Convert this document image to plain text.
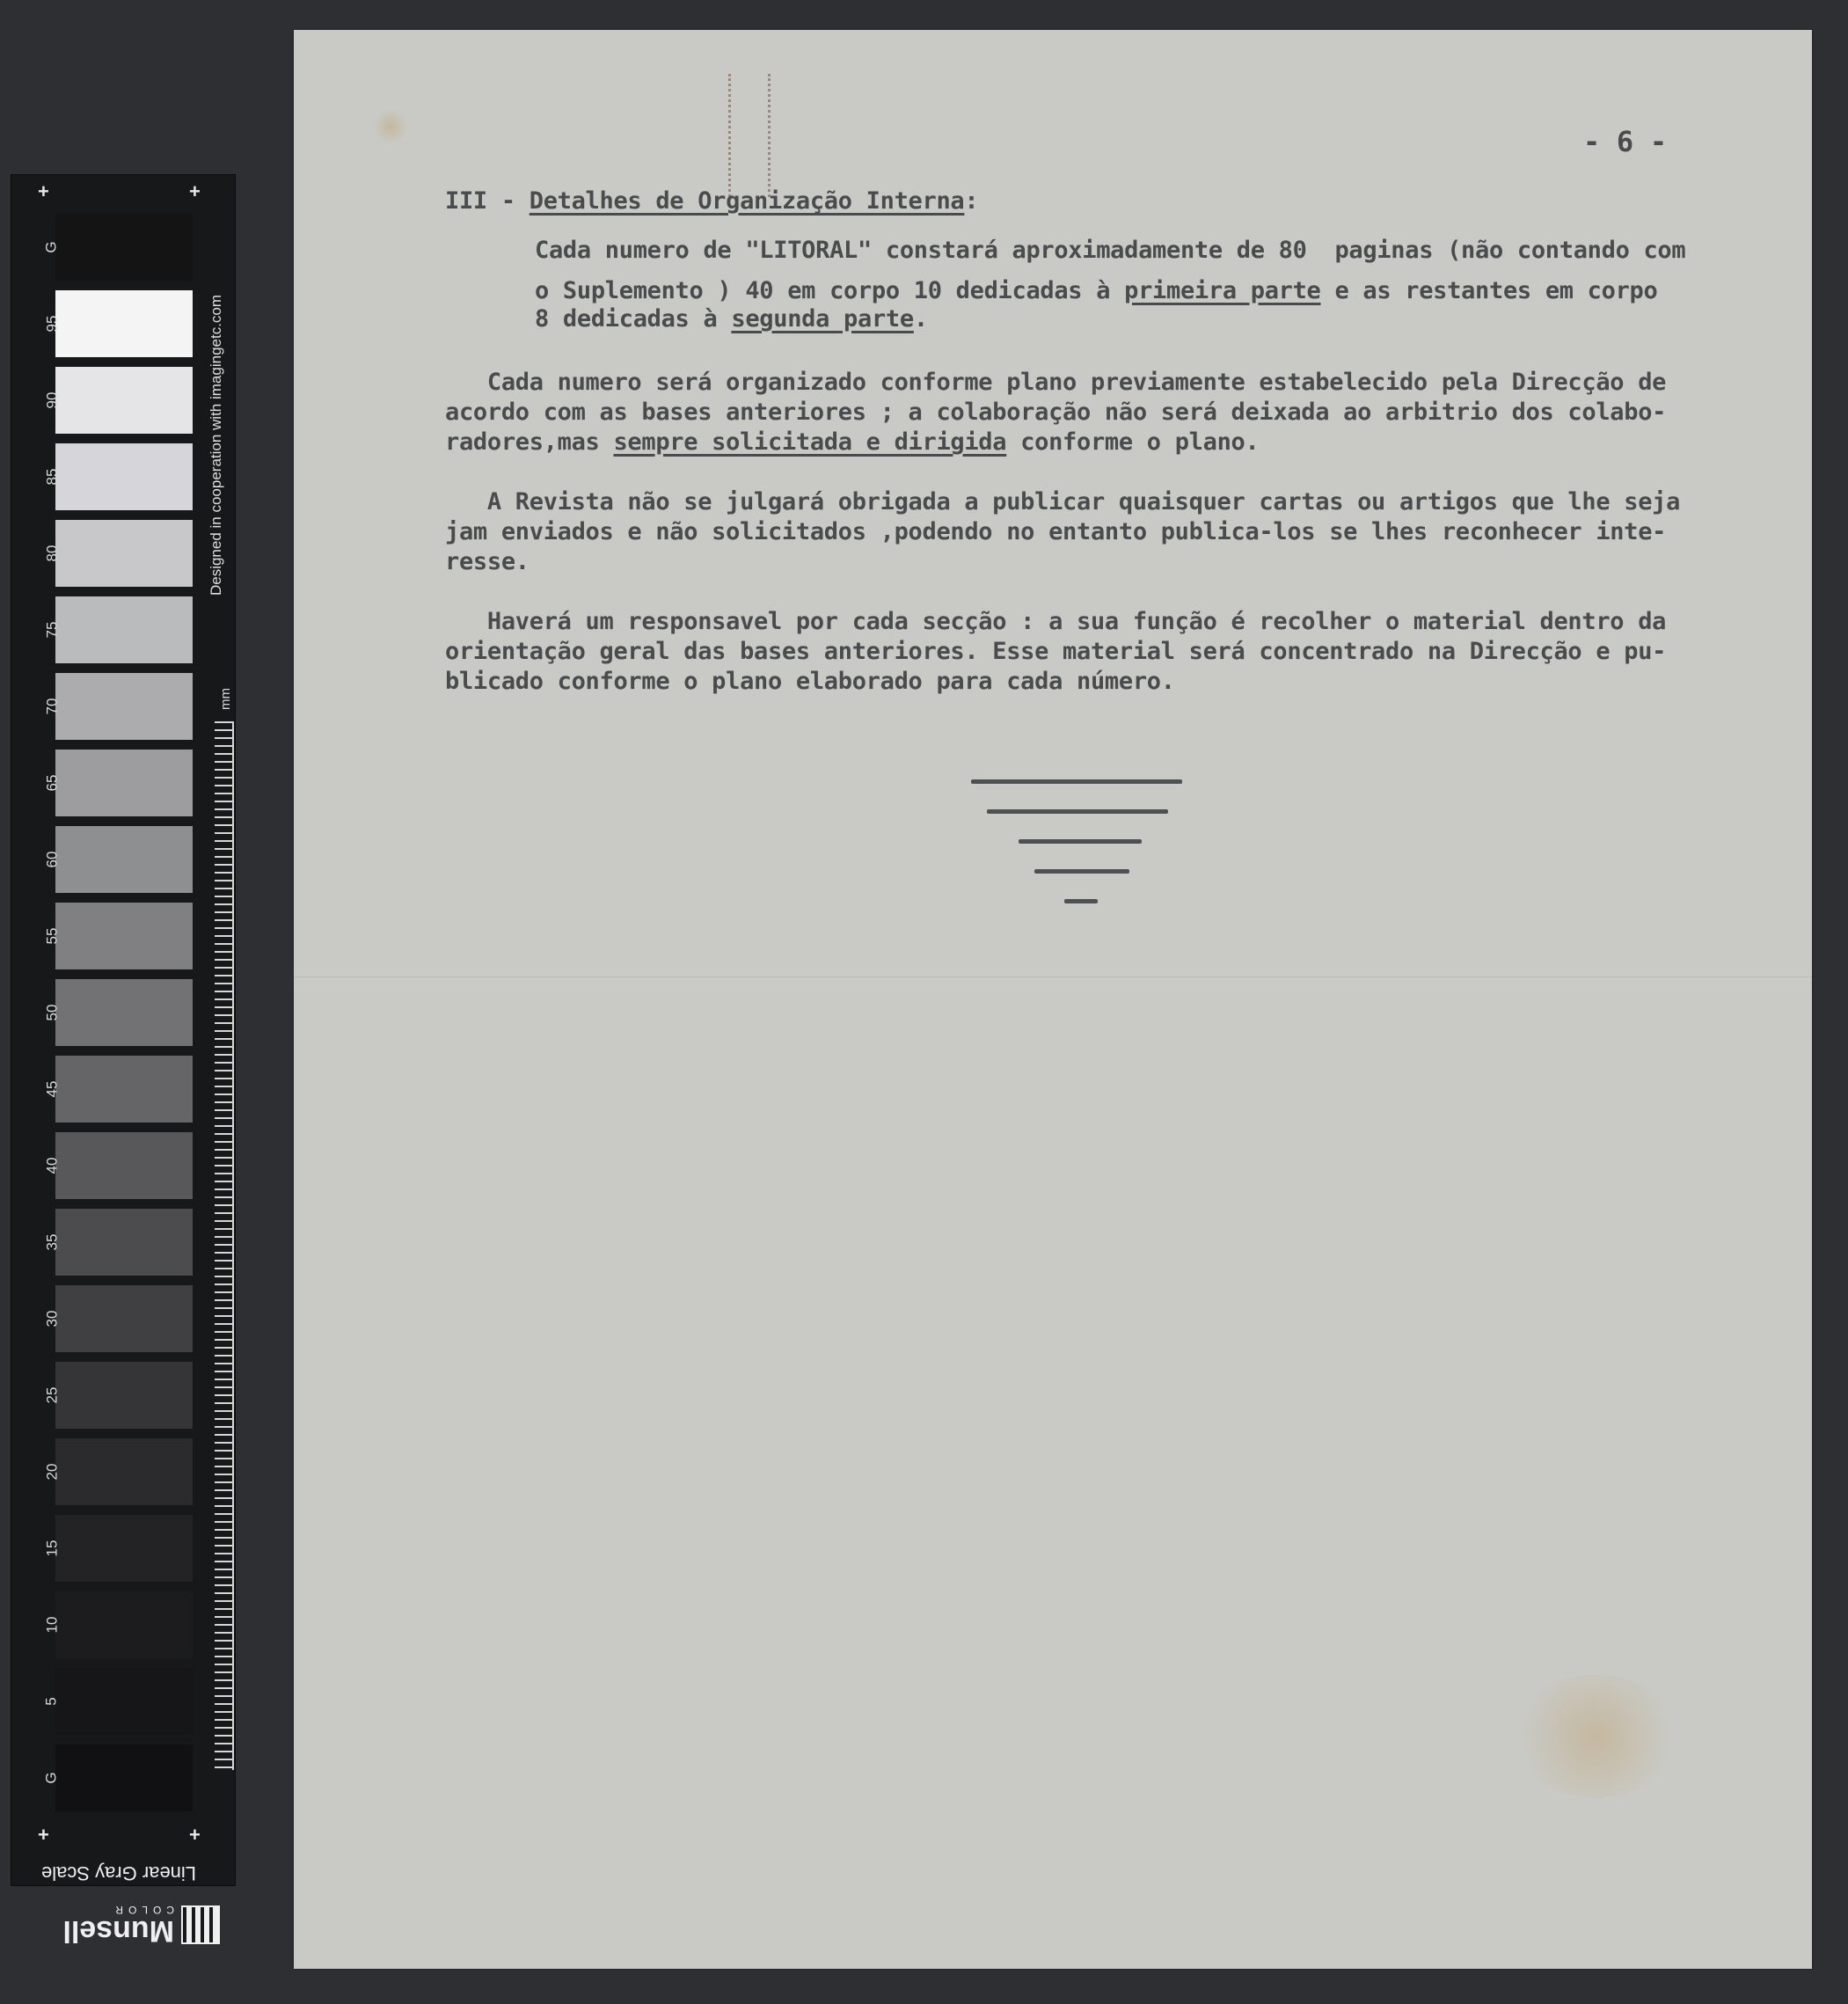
+	+
+	+
G
95
90
85
80
75
70
65
60
55
50
45
40
35
30
25
20
15
10
5
G
mm
Designed in cooperation with imagingetc.com
Linear Gray Scale
Munsell
COLOR
- 6 -
III - Detalhes de Organização Interna:
Cada numero de "LITORAL" constará aproximadamente de 80  paginas (não contando com
o Suplemento ) 40 em corpo 10 dedicadas à primeira parte e as restantes em corpo
8 dedicadas à segunda parte.
Cada numero será organizado conforme plano previamente estabelecido pela Direcção de
acordo com as bases anteriores ; a colaboração não será deixada ao arbitrio dos colabo-
radores,mas sempre solicitada e dirigida conforme o plano.
A Revista não se julgará obrigada a publicar quaisquer cartas ou artigos que lhe seja
jam enviados e não solicitados ,podendo no entanto publica-los se lhes reconhecer inte-
resse.
Haverá um responsavel por cada secção : a sua função é recolher o material dentro da
orientação geral das bases anteriores. Esse material será concentrado na Direcção e pu-
blicado conforme o plano elaborado para cada número.
